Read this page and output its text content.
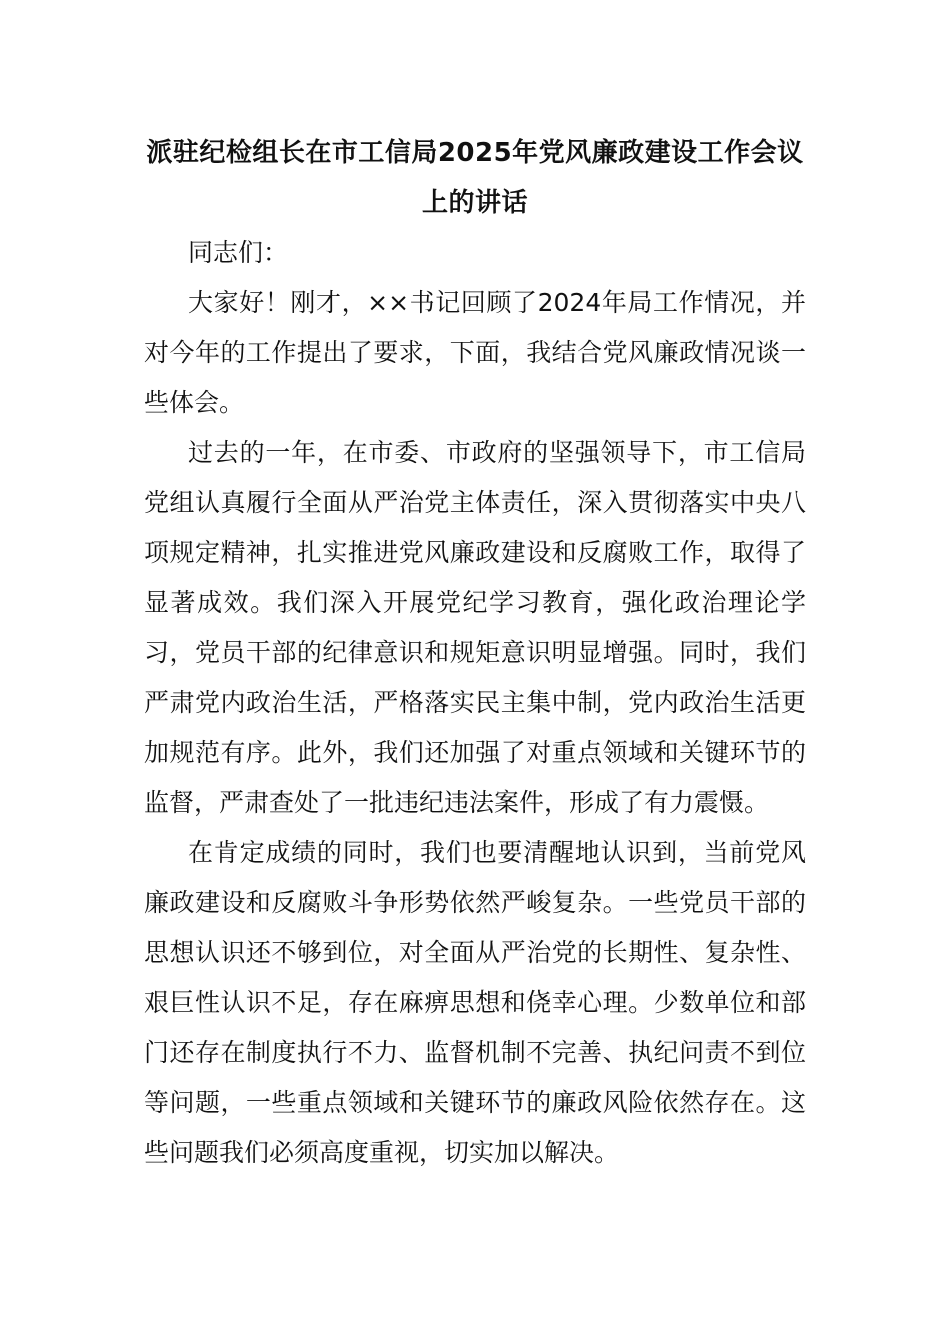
派驻纪检组长在市工信局2025年党风廉政建设工作会议上的讲话

同志们：

大家好！刚才，××书记回顾了2024年局工作情况，并对今年的工作提出了要求，下面，我结合党风廉政情况谈一些体会。

过去的一年，在市委、市政府的坚强领导下，市工信局党组认真履行全面从严治党主体责任，深入贯彻落实中央八项规定精神，扎实推进党风廉政建设和反腐败工作，取得了显著成效。我们深入开展党纪学习教育，强化政治理论学习，党员干部的纪律意识和规矩意识明显增强。同时，我们严肃党内政治生活，严格落实民主集中制，党内政治生活更加规范有序。此外，我们还加强了对重点领域和关键环节的监督，严肃查处了一批违纪违法案件，形成了有力震慑。

在肯定成绩的同时，我们也要清醒地认识到，当前党风廉政建设和反腐败斗争形势依然严峻复杂。一些党员干部的思想认识还不够到位，对全面从严治党的长期性、复杂性、艰巨性认识不足，存在麻痹思想和侥幸心理。少数单位和部门还存在制度执行不力、监督机制不完善、执纪问责不到位等问题，一些重点领域和关键环节的廉政风险依然存在。这些问题我们必须高度重视，切实加以解决。
